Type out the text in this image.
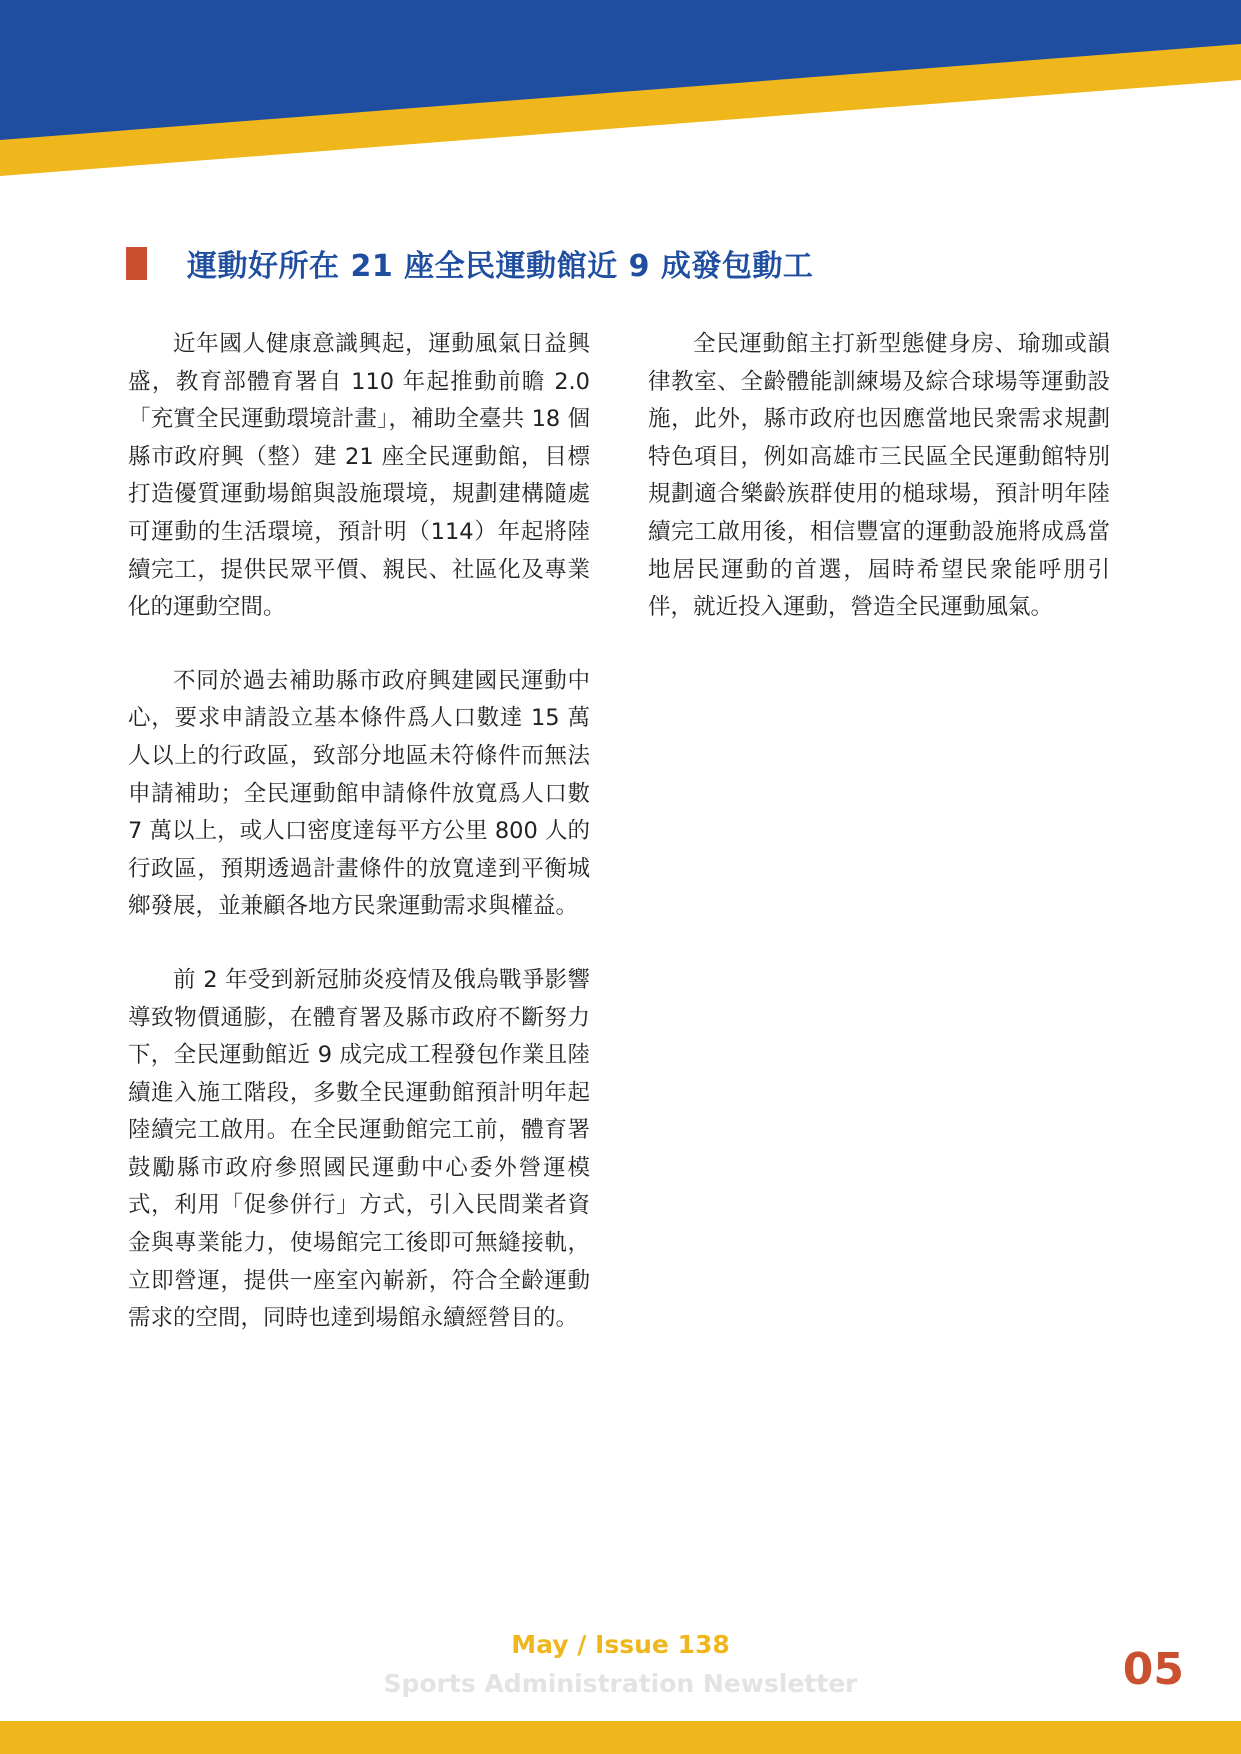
運動好所在 21 座全民運動館近 9 成發包動工

近年國人健康意識興起，運動風氣日益興盛，教育部體育署自 110 年起推動前瞻 2.0「充實全民運動環境計畫」，補助全臺共 18 個縣市政府興（整）建 21 座全民運動館，目標打造優質運動場館與設施環境，規劃建構隨處可運動的生活環境，預計明（114）年起將陸續完工，提供民眾平價、親民、社區化及專業化的運動空間。

不同於過去補助縣市政府興建國民運動中心，要求申請設立基本條件爲人口數達 15 萬人以上的行政區，致部分地區未符條件而無法申請補助；全民運動館申請條件放寬爲人口數 7 萬以上，或人口密度達每平方公里 800 人的行政區，預期透過計畫條件的放寬達到平衡城鄉發展，並兼顧各地方民衆運動需求與權益。

前 2 年受到新冠肺炎疫情及俄烏戰爭影響導致物價通膨，在體育署及縣市政府不斷努力下，全民運動館近 9 成完成工程發包作業且陸續進入施工階段，多數全民運動館預計明年起陸續完工啟用。在全民運動館完工前，體育署鼓勵縣市政府參照國民運動中心委外營運模式，利用「促參併行」方式，引入民間業者資金與專業能力，使場館完工後即可無縫接軌，立即營運，提供一座室內嶄新，符合全齡運動需求的空間，同時也達到場館永續經營目的。

全民運動館主打新型態健身房、瑜珈或韻律教室、全齡體能訓練場及綜合球場等運動設施，此外，縣市政府也因應當地民衆需求規劃特色項目，例如高雄市三民區全民運動館特別規劃適合樂齡族群使用的槌球場，預計明年陸續完工啟用後，相信豐富的運動設施將成爲當地居民運動的首選，屆時希望民衆能呼朋引伴，就近投入運動，營造全民運動風氣。

May / Issue 138
Sports Administration Newsletter	05
